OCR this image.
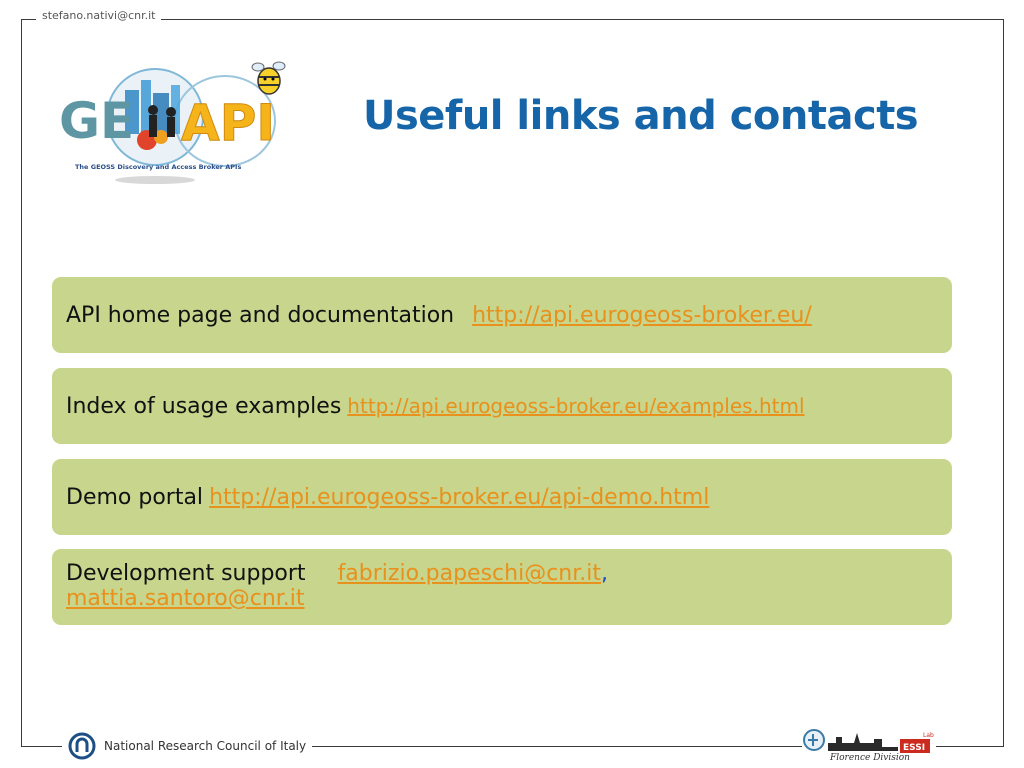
stefano.nativi@cnr.it
GE API
The GEOSS Discovery and Access Broker APIs
Useful links and contacts
API home page and documentation http://api.eurogeoss-broker.eu/
Index of usage examples http://api.eurogeoss-broker.eu/examples.html
Demo portal http://api.eurogeoss-broker.eu/api-demo.html
Development support fabrizio.papeschi@cnr.it,
mattia.santoro@cnr.it
National Research Council of Italy	ESSI
Lab
Florence Division
